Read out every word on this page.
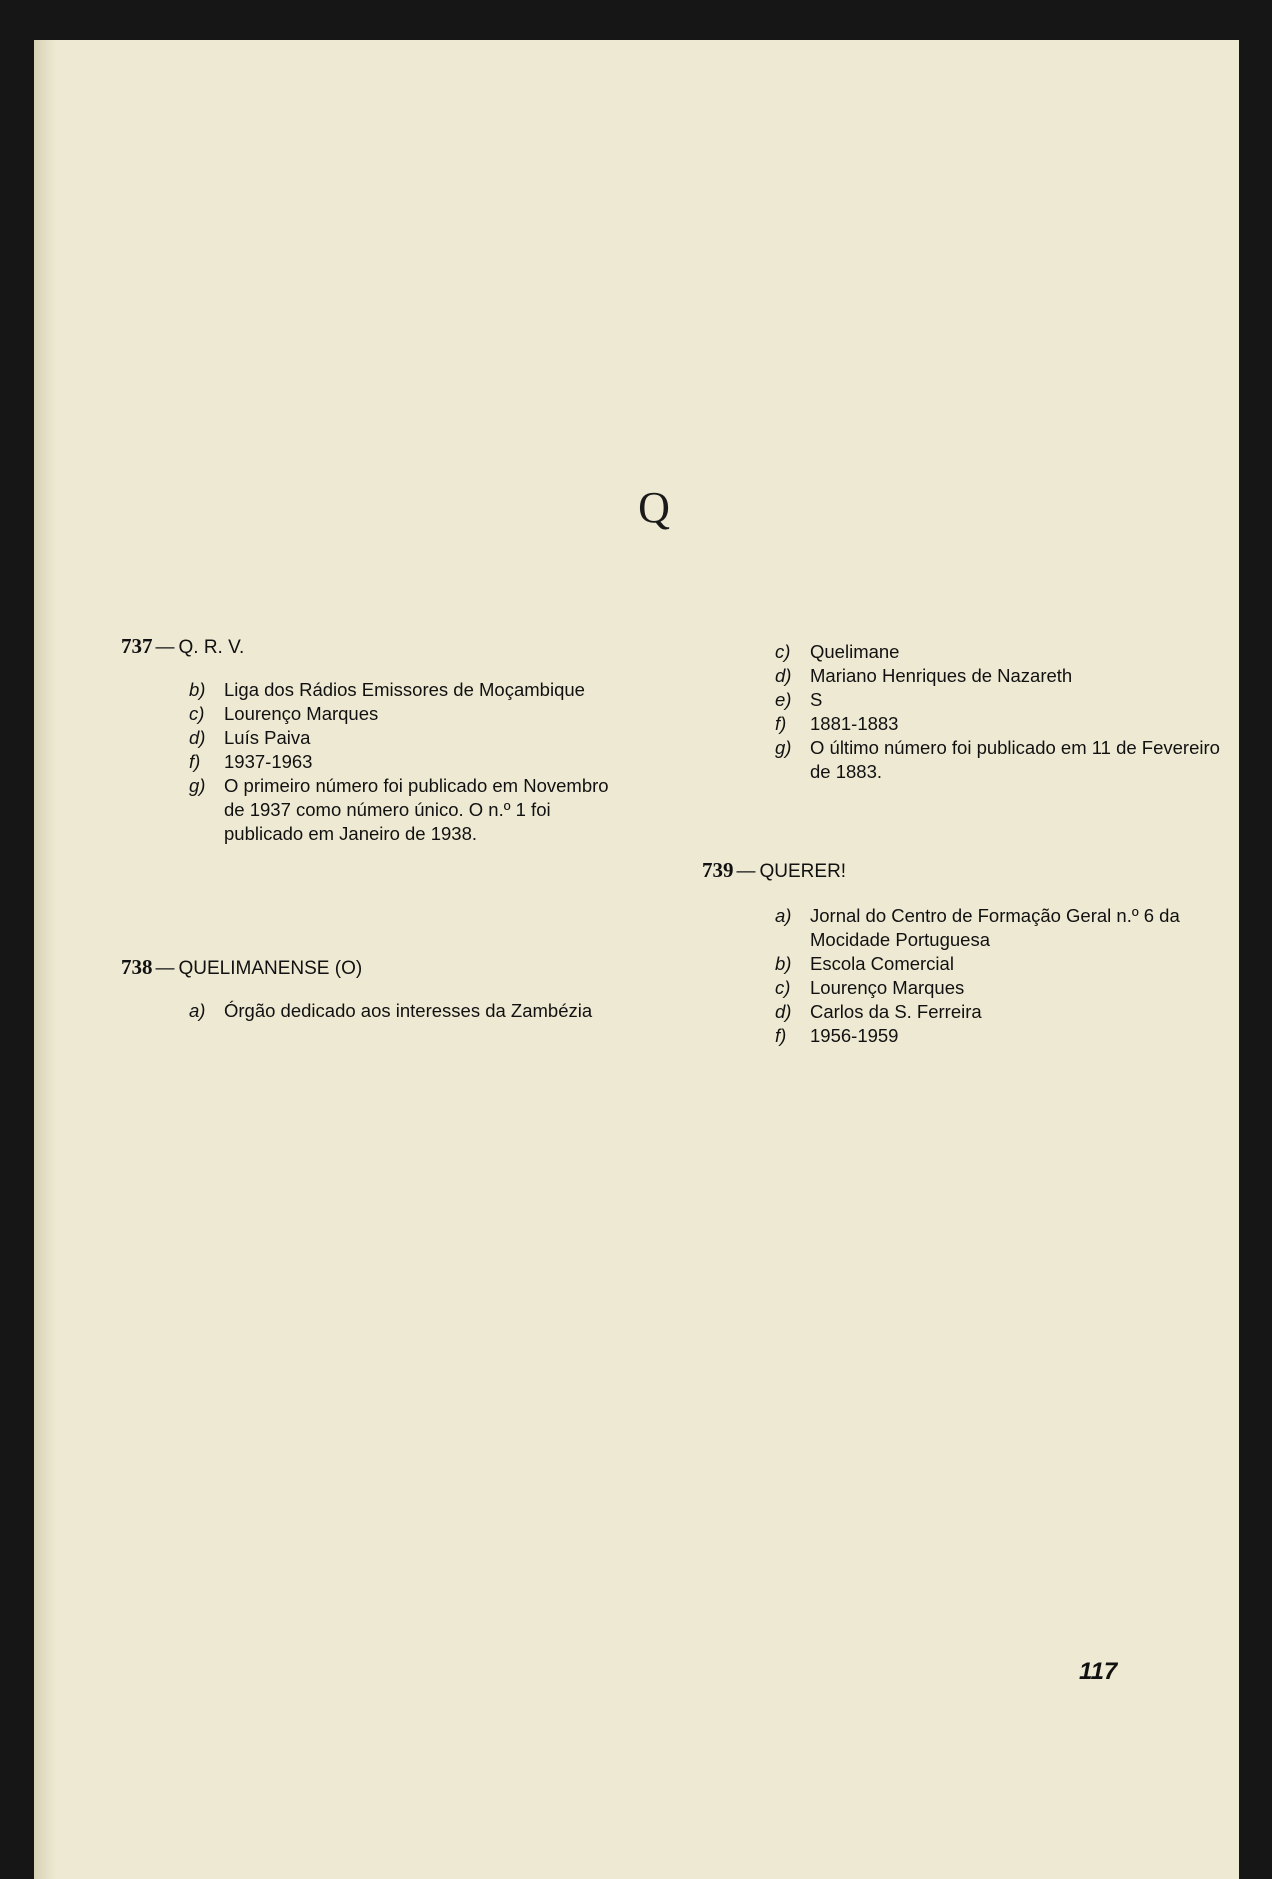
Q
737 — Q. R. V.
b) Liga dos Rádios Emissores de Moçambique
c) Lourenço Marques
d) Luís Paiva
f) 1937-1963
g) O primeiro número foi publicado em Novembro de 1937 como número único. O n.º 1 foi publicado em Janeiro de 1938.
738 — QUELIMANENSE (O)
a) Órgão dedicado aos interesses da Zambézia
c) Quelimane
d) Mariano Henriques de Nazareth
e) S
f) 1881-1883
g) O último número foi publicado em 11 de Fevereiro de 1883.
739 — QUERER!
a) Jornal do Centro de Formação Geral n.º 6 da Mocidade Portuguesa
b) Escola Comercial
c) Lourenço Marques
d) Carlos da S. Ferreira
f) 1956-1959
117
